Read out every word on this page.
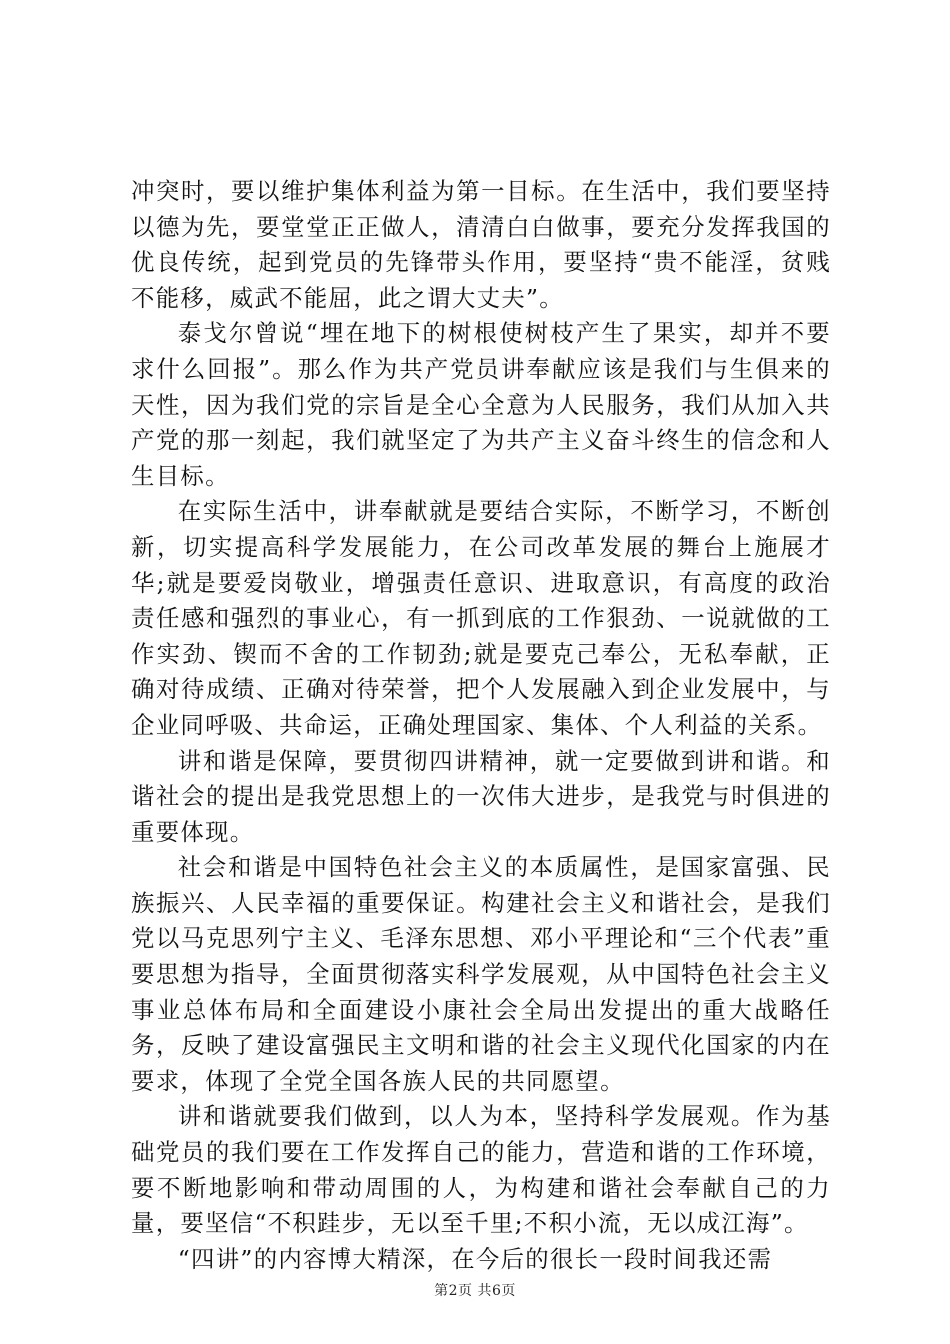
冲突时，要以维护集体利益为第一目标。在生活中，我们要坚持以德为先，要堂堂正正做人，清清白白做事，要充分发挥我国的优良传统，起到党员的先锋带头作用，要坚持“贵不能淫，贫贱不能移，威武不能屈，此之谓大丈夫”。

泰戈尔曾说“埋在地下的树根使树枝产生了果实，却并不要求什么回报”。那么作为共产党员讲奉献应该是我们与生俱来的天性，因为我们党的宗旨是全心全意为人民服务，我们从加入共产党的那一刻起，我们就坚定了为共产主义奋斗终生的信念和人生目标。

在实际生活中，讲奉献就是要结合实际，不断学习，不断创新，切实提高科学发展能力，在公司改革发展的舞台上施展才华;就是要爱岗敬业，增强责任意识、进取意识，有高度的政治责任感和强烈的事业心，有一抓到底的工作狠劲、一说就做的工作实劲、锲而不舍的工作韧劲;就是要克己奉公，无私奉献，正确对待成绩、正确对待荣誉，把个人发展融入到企业发展中，与企业同呼吸、共命运，正确处理国家、集体、个人利益的关系。

讲和谐是保障，要贯彻四讲精神，就一定要做到讲和谐。和谐社会的提出是我党思想上的一次伟大进步，是我党与时俱进的重要体现。

社会和谐是中国特色社会主义的本质属性，是国家富强、民族振兴、人民幸福的重要保证。构建社会主义和谐社会，是我们党以马克思列宁主义、毛泽东思想、邓小平理论和“三个代表”重要思想为指导，全面贯彻落实科学发展观，从中国特色社会主义事业总体布局和全面建设小康社会全局出发提出的重大战略任务，反映了建设富强民主文明和谐的社会主义现代化国家的内在要求，体现了全党全国各族人民的共同愿望。

讲和谐就要我们做到，以人为本，坚持科学发展观。作为基础党员的我们要在工作发挥自己的能力，营造和谐的工作环境，要不断地影响和带动周围的人，为构建和谐社会奉献自己的力量，要坚信“不积跬步，无以至千里;不积小流，无以成江海”。

“四讲”的内容博大精深，在今后的很长一段时间我还需

第2页 共6页
